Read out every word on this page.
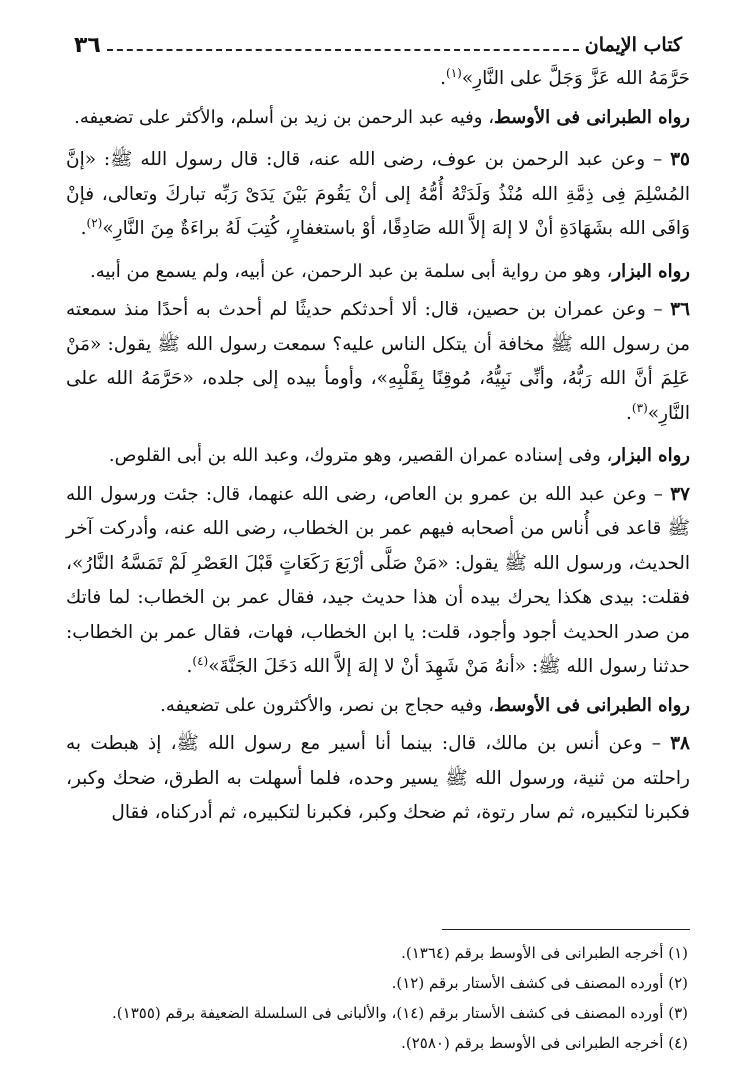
كتاب الإيمان
٣٦

حَرَّمَهُ الله عَزَّ وَجَلَّ على النَّارِ»$^{(١)}$.

رواه الطبرانى فى الأوسط، وفيه عبد الرحمن بن زيد بن أسلم، والأكثر على تضعيفه.

٣٥ – وعن عبد الرحمن بن عوف، رضى الله عنه، قال: قال رسول الله ﷺ: «إنَّ المُسْلِمَ فِى ذِمَّةِ الله مُنْذُ وَلَدَتْهُ أُمُّهُ إلى أنْ يَقُومَ بَيْنَ يَدَىْ رَبِّه تباركَ وتعالى، فإنْ وَافَى الله بشَهَادَةِ أنْ لا إلهَ إلاَّ الله صَادِقًا، أوْ باستغفارٍ، كُتِبَ لَهُ براءَةٌ مِنَ النَّارِ»$^{(٢)}$.

رواه البزار، وهو من رواية أبى سلمة بن عبد الرحمن، عن أبيه، ولم يسمع من أبيه.

٣٦ – وعن عمران بن حصين، قال: ألا أحدثكم حديثًا لم أحدث به أحدًا منذ سمعته من رسول الله ﷺ مخافة أن يتكل الناس عليه؟ سمعت رسول الله ﷺ يقول: «مَنْ عَلِمَ أنَّ الله رَبُّهُ، وأنِّى نَبِيُّهُ، مُوقِنًا بِقَلْبِهِ»، وأومأ بيده إلى جلده، «حَرَّمَهُ الله على النَّارِ»$^{(٣)}$.

رواه البزار، وفى إسناده عمران القصير، وهو متروك، وعبد الله بن أبى القلوص.

٣٧ – وعن عبد الله بن عمرو بن العاص، رضى الله عنهما، قال: جئت ورسول الله ﷺ قاعد فى أُناس من أصحابه فيهم عمر بن الخطاب، رضى الله عنه، وأدركت آخر الحديث، ورسول الله ﷺ يقول: «مَنْ صَلَّى أرْبَعَ رَكَعَاتٍ قَبْلَ العَصْرِ لَمْ تَمَسَّهُ النَّارُ»، فقلت: بيدى هكذا يحرك بيده أن هذا حديث جيد، فقال عمر بن الخطاب: لما فاتك من صدر الحديث أجود وأجود، قلت: يا ابن الخطاب، فهات، فقال عمر بن الخطاب: حدثنا رسول الله ﷺ: «أنهُ مَنْ شَهِدَ أنْ لا إلهَ إلاَّ الله دَخَلَ الجَنَّةَ»$^{(٤)}$.

رواه الطبرانى فى الأوسط، وفيه حجاج بن نصر، والأكثرون على تضعيفه.

٣٨ – وعن أنس بن مالك، قال: بينما أنا أسير مع رسول الله ﷺ، إذ هبطت به راحلته من ثنية، ورسول الله ﷺ يسير وحده، فلما أسهلت به الطرق، ضحك وكبر، فكبرنا لتكبيره، ثم سار رتوة، ثم ضحك وكبر، فكبرنا لتكبيره، ثم أدركناه، فقال

(١) أخرجه الطبرانى فى الأوسط برقم (١٣٦٤).

(٢) أورده المصنف فى كشف الأستار برقم (١٢).

(٣) أورده المصنف فى كشف الأستار برقم (١٤)، والألبانى فى السلسلة الضعيفة برقم (١٣٥٥).

(٤) أخرجه الطبرانى فى الأوسط برقم (٢٥٨٠).
